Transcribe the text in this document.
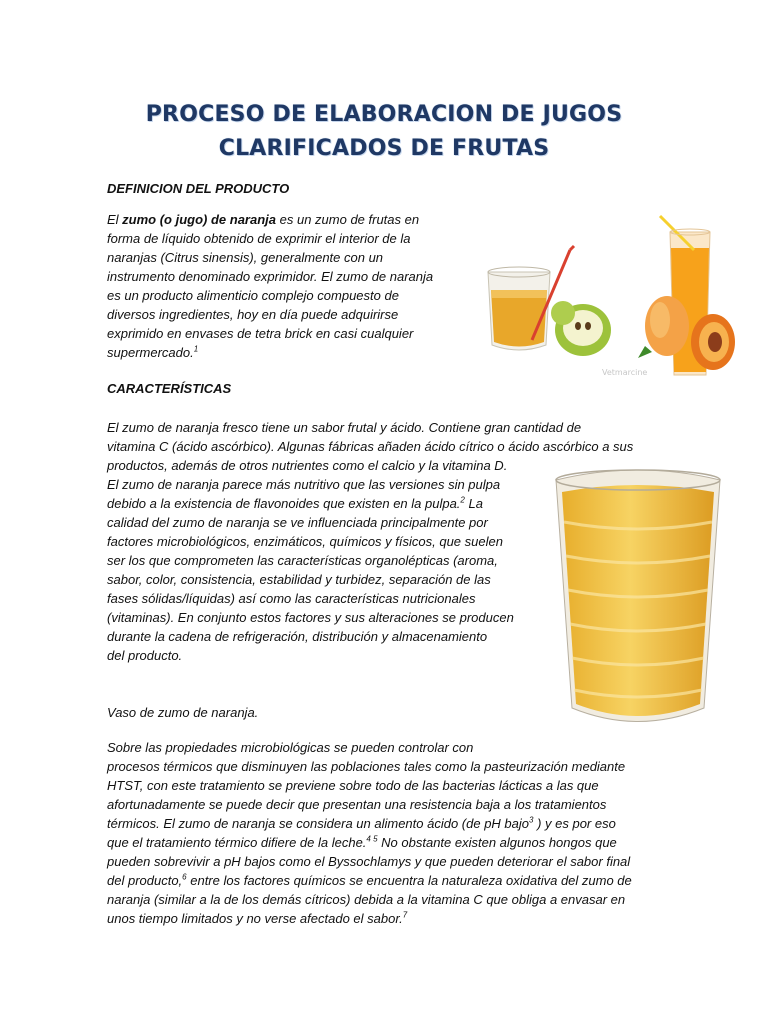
PROCESO DE ELABORACION DE JUGOS
CLARIFICADOS DE FRUTAS
DEFINICION DEL PRODUCTO
El zumo (o jugo) de naranja es un zumo de frutas en
forma de líquido obtenido de exprimir el interior de la
naranjas (Citrus sinensis), generalmente con un
instrumento denominado exprimidor. El zumo de naranja
es un producto alimenticio complejo compuesto de
diversos ingredientes, hoy en día puede adquirirse
exprimido en envases de tetra brick en casi cualquier
supermercado.$^1$
CARACTERÍSTICAS
El zumo de naranja fresco tiene un sabor frutal y ácido. Contiene gran cantidad de
vitamina C (ácido ascórbico). Algunas fábricas añaden ácido cítrico o ácido ascórbico a sus
productos, además de otros nutrientes como el calcio y la vitamina D.
El zumo de naranja parece más nutritivo que las versiones sin pulpa
debido a la existencia de flavonoides que existen en la pulpa.$^2$ La
calidad del zumo de naranja se ve influenciada principalmente por
factores microbiológicos, enzimáticos, químicos y físicos, que suelen
ser los que comprometen las características organolépticas (aroma,
sabor, color, consistencia, estabilidad y turbidez, separación de las
fases sólidas/líquidas) así como las características nutricionales
(vitaminas). En conjunto estos factores y sus alteraciones se producen
durante la cadena de refrigeración, distribución y almacenamiento
del producto.
Vaso de zumo de naranja.
Sobre las propiedades microbiológicas se pueden controlar con
procesos térmicos que disminuyen las poblaciones tales como la pasteurización mediante
HTST, con este tratamiento se previene sobre todo de las bacterias lácticas a las que
afortunadamente se puede decir que presentan una resistencia baja a los tratamientos
térmicos. El zumo de naranja se considera un alimento ácido (de pH bajo$^3$ ) y es por eso
que el tratamiento térmico difiere de la leche.$^{4 5}$ No obstante existen algunos hongos que
pueden sobrevivir a pH bajos como el Byssochlamys y que pueden deteriorar el sabor final
del producto,$^6$ entre los factores químicos se encuentra la naturaleza oxidativa del zumo de
naranja (similar a la de los demás cítricos) debida a la vitamina C que obliga a envasar en
unos tiempo limitados y no verse afectado el sabor.$^7$
Vetmarcine
